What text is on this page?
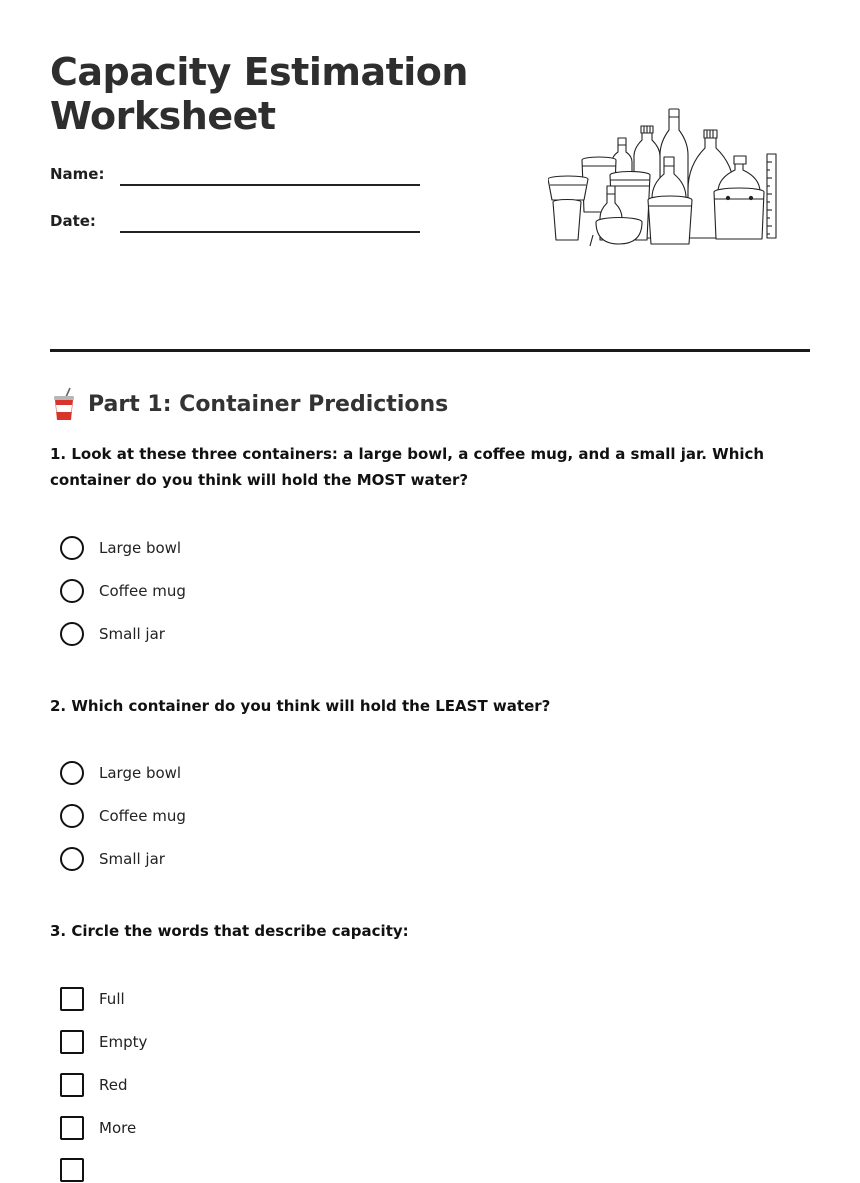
Capacity Estimation
Worksheet
Name:
Date:
Part 1: Container Predictions

1. Look at these three containers: a large bowl, a coffee mug, and a small jar. Which container do you think will hold the MOST water?

Large bowl
Coffee mug
Small jar

2. Which container do you think will hold the LEAST water?

Large bowl
Coffee mug
Small jar

3. Circle the words that describe capacity:

Full
Empty
Red
More
